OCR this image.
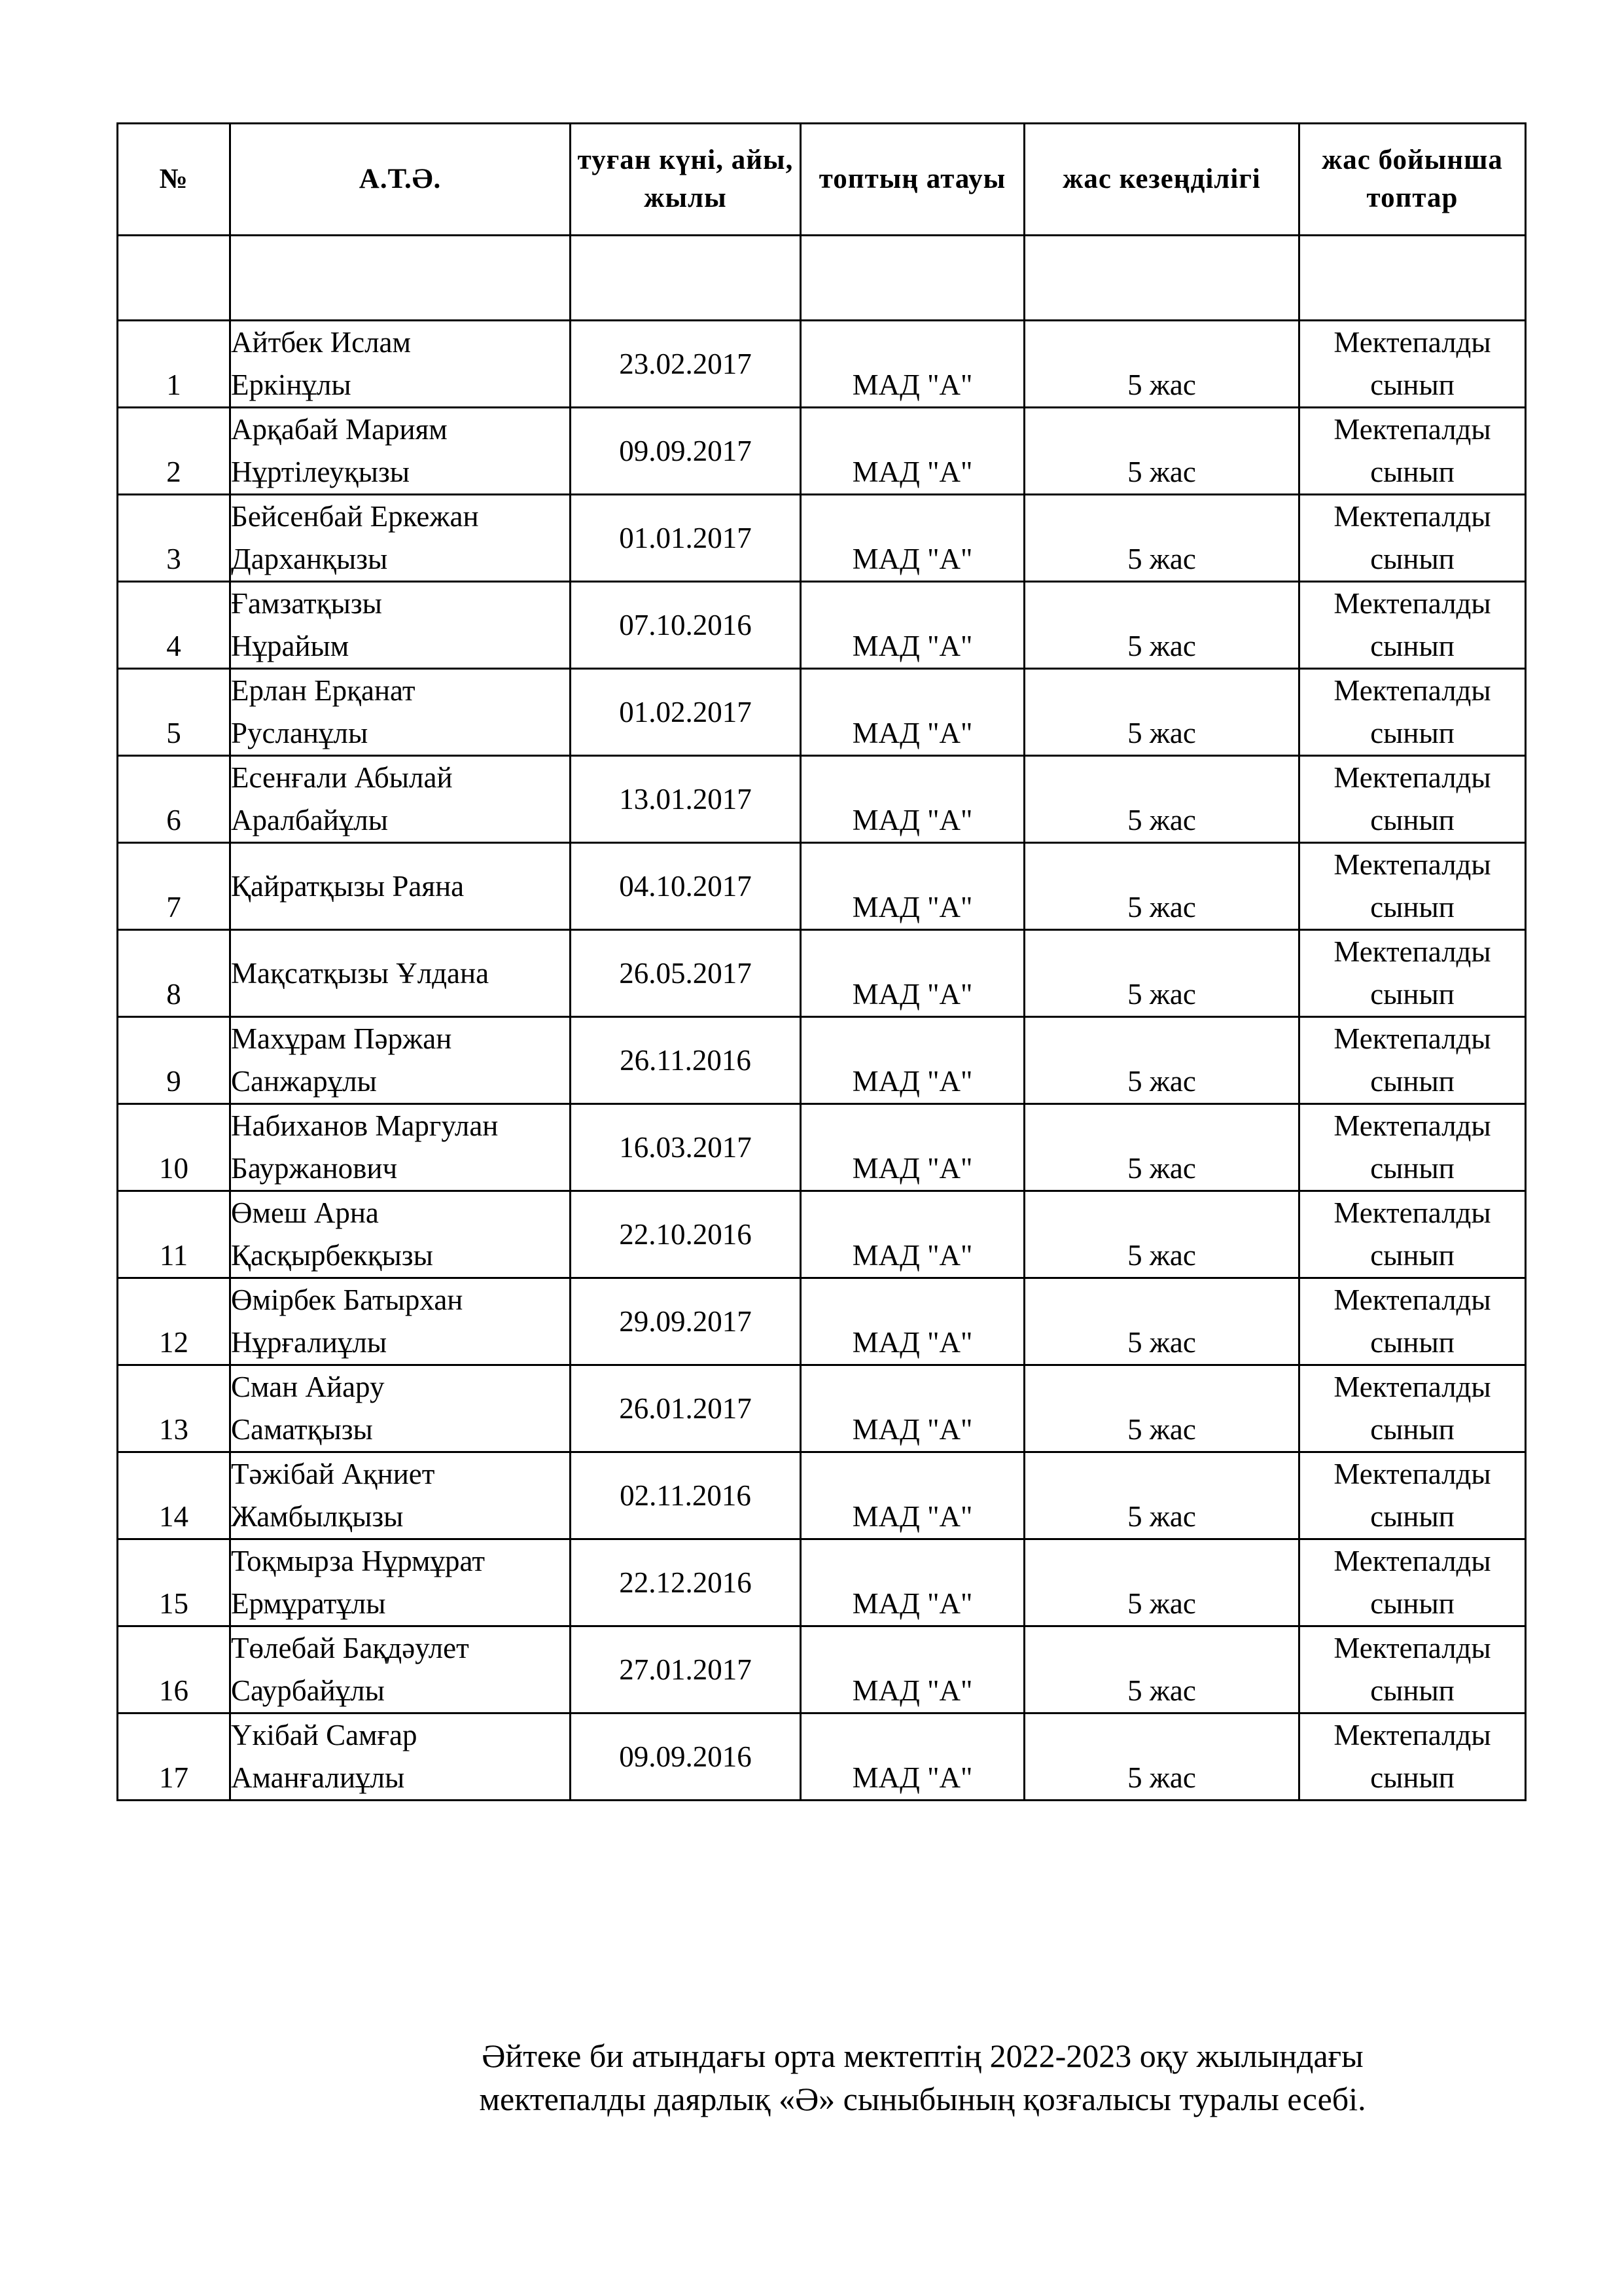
№	А.Т.Ә.	туған күні, айы, жылы	топтың атауы	жас кезеңділігі	жас бойынша топтар

1	Айтбек Ислам
Еркінұлы	23.02.2017	МАД "А"	5 жас	Мектепалды
сынып

2	Арқабай Мариям
Нұртілеуқызы	09.09.2017	МАД "А"	5 жас	Мектепалды
сынып

3	Бейсенбай Еркежан
Дарханқызы	01.01.2017	МАД "А"	5 жас	Мектепалды
сынып

4	Ғамзатқызы
Нұрайым	07.10.2016	МАД "А"	5 жас	Мектепалды
сынып

5	Ерлан Ерқанат
Русланұлы	01.02.2017	МАД "А"	5 жас	Мектепалды
сынып

6	Есенғали Абылай
Аралбайұлы	13.01.2017	МАД "А"	5 жас	Мектепалды
сынып

7	Қайратқызы Раяна	04.10.2017	МАД "А"	5 жас	Мектепалды
сынып

8	Мақсатқызы Ұлдана	26.05.2017	МАД "А"	5 жас	Мектепалды
сынып

9	Махұрам Пәржан
Санжарұлы	26.11.2016	МАД "А"	5 жас	Мектепалды
сынып

10	Набиханов Маргулан
Бауржанович	16.03.2017	МАД "А"	5 жас	Мектепалды
сынып

11	Өмеш Арна
Қасқырбекқызы	22.10.2016	МАД "А"	5 жас	Мектепалды
сынып

12	Өмірбек Батырхан
Нұрғалиұлы	29.09.2017	МАД "А"	5 жас	Мектепалды
сынып

13	Сман Айару
Саматқызы	26.01.2017	МАД "А"	5 жас	Мектепалды
сынып

14	Тәжібай Ақниет
Жамбылқызы	02.11.2016	МАД "А"	5 жас	Мектепалды
сынып

15	Тоқмырза Нұрмұрат
Ермұратұлы	22.12.2016	МАД "А"	5 жас	Мектепалды
сынып

16	Төлебай Бақдәулет
Саурбайұлы	27.01.2017	МАД "А"	5 жас	Мектепалды
сынып

17	Үкібай Самғар
Аманғалиұлы	09.09.2016	МАД "А"	5 жас	Мектепалды
сынып
Әйтеке би атындағы орта мектептің 2022-2023 оқу жылындағы
мектепалды даярлық «Ә» сыныбының қозғалысы туралы есебі.
